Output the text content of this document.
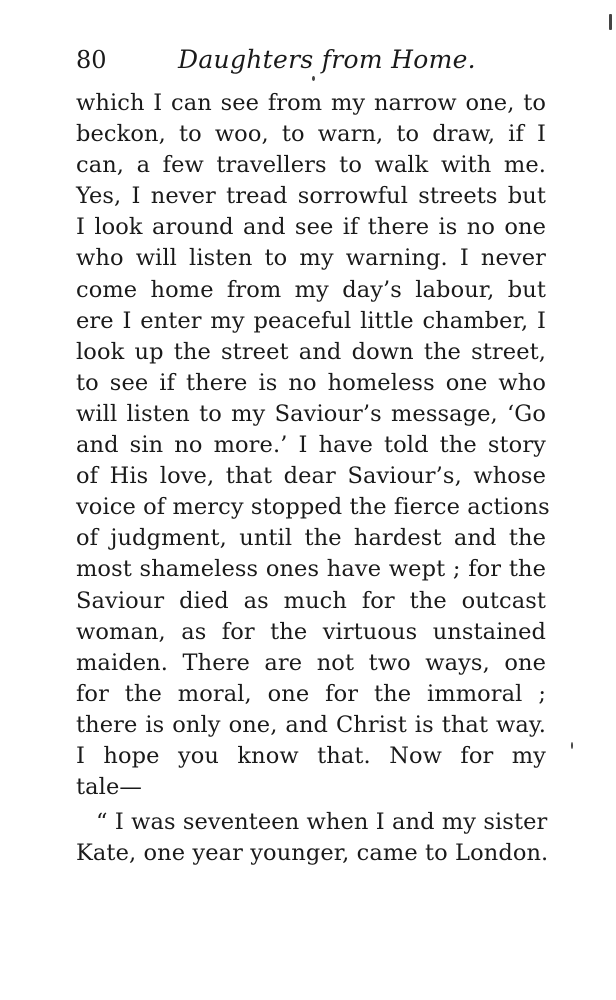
80	Daughters from Home.
which I can see from my narrow one, to
beckon, to woo, to warn, to draw, if I
can, a few travellers to walk with me.
Yes, I never tread sorrowful streets but
I look around and see if there is no one
who will listen to my warning. I never
come home from my day’s labour, but
ere I enter my peaceful little chamber, I
look up the street and down the street,
to see if there is no homeless one who
will listen to my Saviour’s message, ‘Go
and sin no more.’ I have told the story
of His love, that dear Saviour’s, whose
voice of mercy stopped the fierce actions
of judgment, until the hardest and the
most shameless ones have wept ; for the
Saviour died as much for the outcast
woman, as for the virtuous unstained
maiden. There are not two ways, one
for the moral, one for the immoral ;
there is only one, and Christ is that way.
I hope you know that. Now for my
tale—
“ I was seventeen when I and my sister
Kate, one year younger, came to London.
